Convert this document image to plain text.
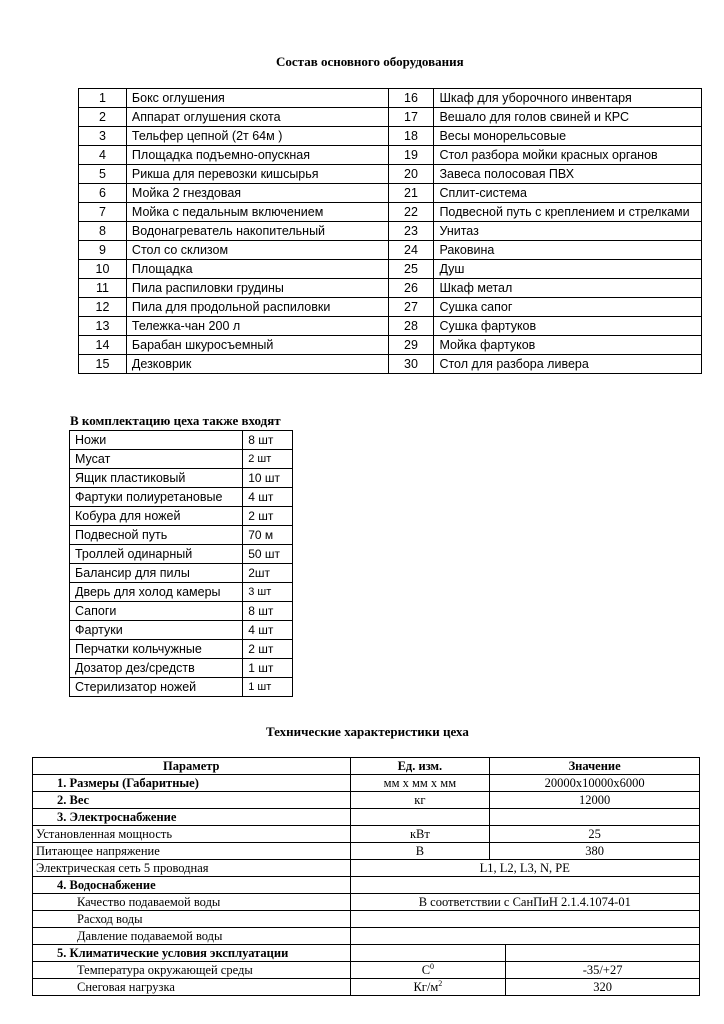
Состав основного оборудования
1	Бокс оглушения	16	Шкаф для уборочного инвентаря
2	Аппарат оглушения скота	17	Вешало для голов свиней и КРС
3	Тельфер цепной (2т 64м )	18	Весы монорельсовые
4	Площадка подъемно-опускная	19	Стол разбора мойки красных органов
5	Рикша для перевозки кишсырья	20	Завеса полосовая ПВХ
6	Мойка 2 гнездовая	21	Сплит-система
7	Мойка с педальным включением	22	Подвесной путь с креплением и стрелками
8	Водонагреватель накопительный	23	Унитаз
9	Стол со склизом	24	Раковина
10	Площадка	25	Душ
11	Пила распиловки грудины	26	Шкаф метал
12	Пила для продольной распиловки	27	Сушка сапог
13	Тележка-чан 200 л	28	Сушка фартуков
14	Барабан шкуросъемный	29	Мойка фартуков
15	Дезковрик	30	Стол для разбора ливера
В комплектацию цеха также входят
Ножи	8 шт
Мусат	2 шт
Ящик пластиковый	10 шт
Фартуки полиуретановые	4 шт
Кобура для ножей	2 шт
Подвесной путь	70 м
Троллей одинарный	50 шт
Балансир для пилы	2шт
Дверь для холод камеры	3 шт
Сапоги	8 шт
Фартуки	4 шт
Перчатки кольчужные	2 шт
Дозатор дез/средств	1 шт
Стерилизатор ножей	1 шт
Технические характеристики цеха
Параметр	Ед. изм.	Значение	
1. Размеры (Габаритные)	мм х мм х мм	20000х10000х6000	
2. Вес	кг	12000	
3. Электроснабжение			
Установленная мощность	кВт	25	
Питающее напряжение	В	380	
Электрическая сеть 5 проводная	L1, L2, L3, N, PE		
4. Водоснабжение			
Качество подаваемой воды	В соответствии с СанПиН 2.1.4.1074-01		
Расход воды			
Давление подаваемой воды			
5. Климатические условия эксплуатации			
Температура окружающей среды	$С^0$		-35/+27
Снеговая нагрузка	$Кг/м^2$		320
